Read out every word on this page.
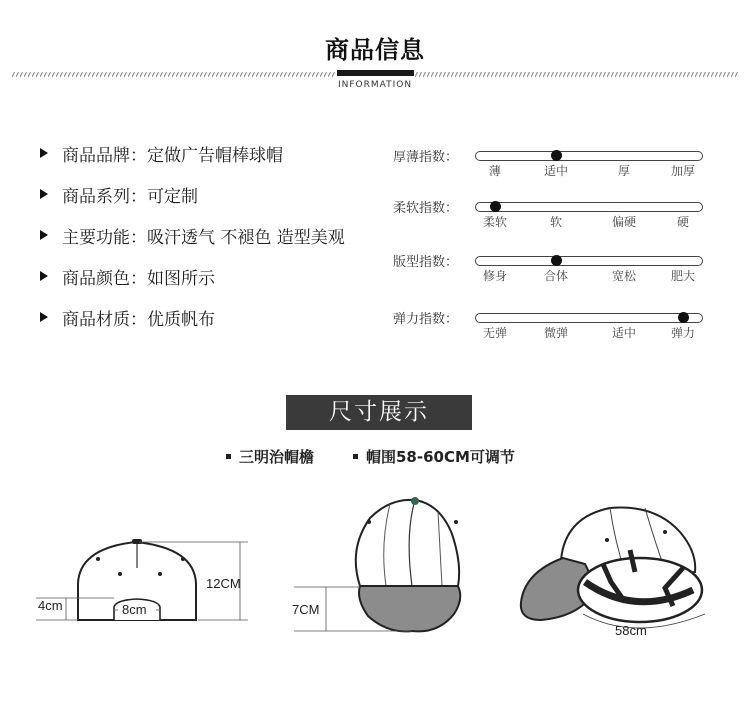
商品信息
INFORMATION
商品品牌： 定做广告帽棒球帽
商品系列： 可定制
主要功能： 吸汗透气 不褪色 造型美观
商品颜色： 如图所示
商品材质： 优质帆布
厚薄指数：
薄	适中	厚	加厚
柔软指数：
柔软	软	偏硬	硬
版型指数：
修身	合体	宽松	肥大
弹力指数：
无弹	微弹	适中	弹力
尺寸展示
三明治帽檐	帽围58-60CM可调节
12CM
4cm	8cm	7CM
58cm
